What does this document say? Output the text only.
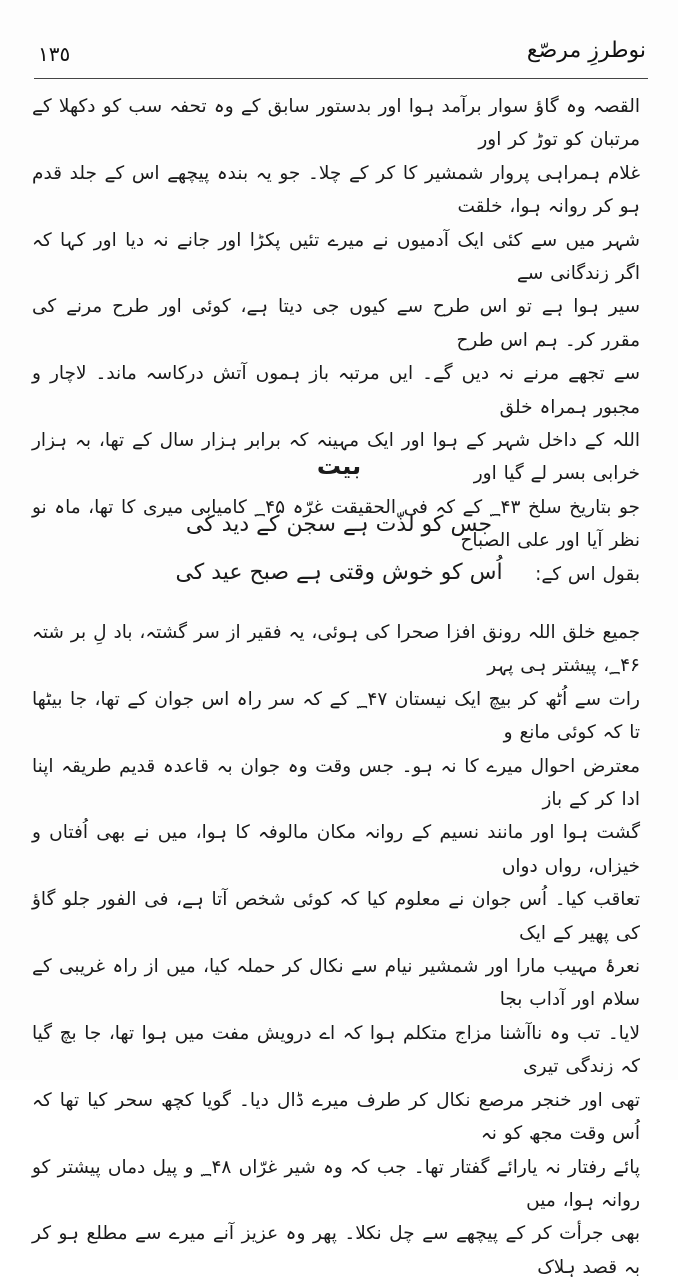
١٣٥	نوطرزِ مرصّع

القصہ وہ گاؤ سوار برآمد ہوا اور بدستور سابق کے وہ تحفہ سب کو دکھلا کے مرتبان کو توڑ کر اور

غلام ہمراہی پروار شمشیر کا کر کے چلا۔ جو یہ بندہ پیچھے اس کے جلد قدم ہو کر روانہ ہوا، خلقت

شہر میں سے کئی ایک آدمیوں نے میرے تئیں پکڑا اور جانے نہ دیا اور کہا کہ اگر زندگانی سے

سیر ہوا ہے تو اس طرح سے کیوں جی دیتا ہے، کوئی اور طرح مرنے کی مقرر کر۔ ہم اس طرح

سے تجھے مرنے نہ دیں گے۔ ایں مرتبہ باز ہموں آتش درکاسہ ماند۔ لاچار و مجبور ہمراہ خلق

اللہ کے داخل شہر کے ہوا اور ایک مہینہ کہ برابر ہزار سال کے تھا، بہ ہزار خرابی بسر لے گیا اور

جو بتاریخ سلخ ؁۴۳ کے کہ فی الحقیقت غرّہ ؁۴۵ کامیابی میری کا تھا، ماہ نو نظر آیا اور علی الصباح

بقول اس کے:

بیت
جس کو لذّت ہے سجن کے دید کی
اُس کو خوش وقتی ہے صبح عید کی

جمیع خلق اللہ رونق افزا صحرا کی ہوئی، یہ فقیر از سر گشتہ، باد لِ بر شتہ ؁۴۶، پیشتر ہی پہر

رات سے اُٹھ کر بیچ ایک نیستان ؁۴۷ کے کہ سر راہ اس جوان کے تھا، جا بیٹھا تا کہ کوئی مانع و

معترض احوال میرے کا نہ ہو۔ جس وقت وہ جوان بہ قاعدہ قدیم طریقہ اپنا ادا کر کے باز

گشت ہوا اور مانند نسیم کے روانہ مکان مالوفہ کا ہوا، میں نے بھی اُفتاں و خیزاں، رواں دواں

تعاقب کیا۔ اُس جوان نے معلوم کیا کہ کوئی شخص آتا ہے، فی الفور جلو گاؤ کی پھیر کے ایک

نعرۂ مہیب مارا اور شمشیر نیام سے نکال کر حملہ کیا، میں از راہ غریبی کے سلام اور آداب بجا

لایا۔ تب وہ ناآشنا مزاج متکلم ہوا کہ اے درویش مفت میں ہوا تھا، جا بچ گیا کہ زندگی تیری

تھی اور خنجر مرصع نکال کر طرف میرے ڈال دیا۔ گویا کچھ سحر کیا تھا کہ اُس وقت مجھ کو نہ

پائے رفتار نہ یارائے گفتار تھا۔ جب کہ وہ شیر غرّاں ؁۴۸ و پیل دماں پیشتر کو روانہ ہوا، میں

بھی جرأت کر کے پیچھے سے چل نکلا۔ پھر وہ عزیز آنے میرے سے مطلع ہو کر بہ قصد ہلاک
